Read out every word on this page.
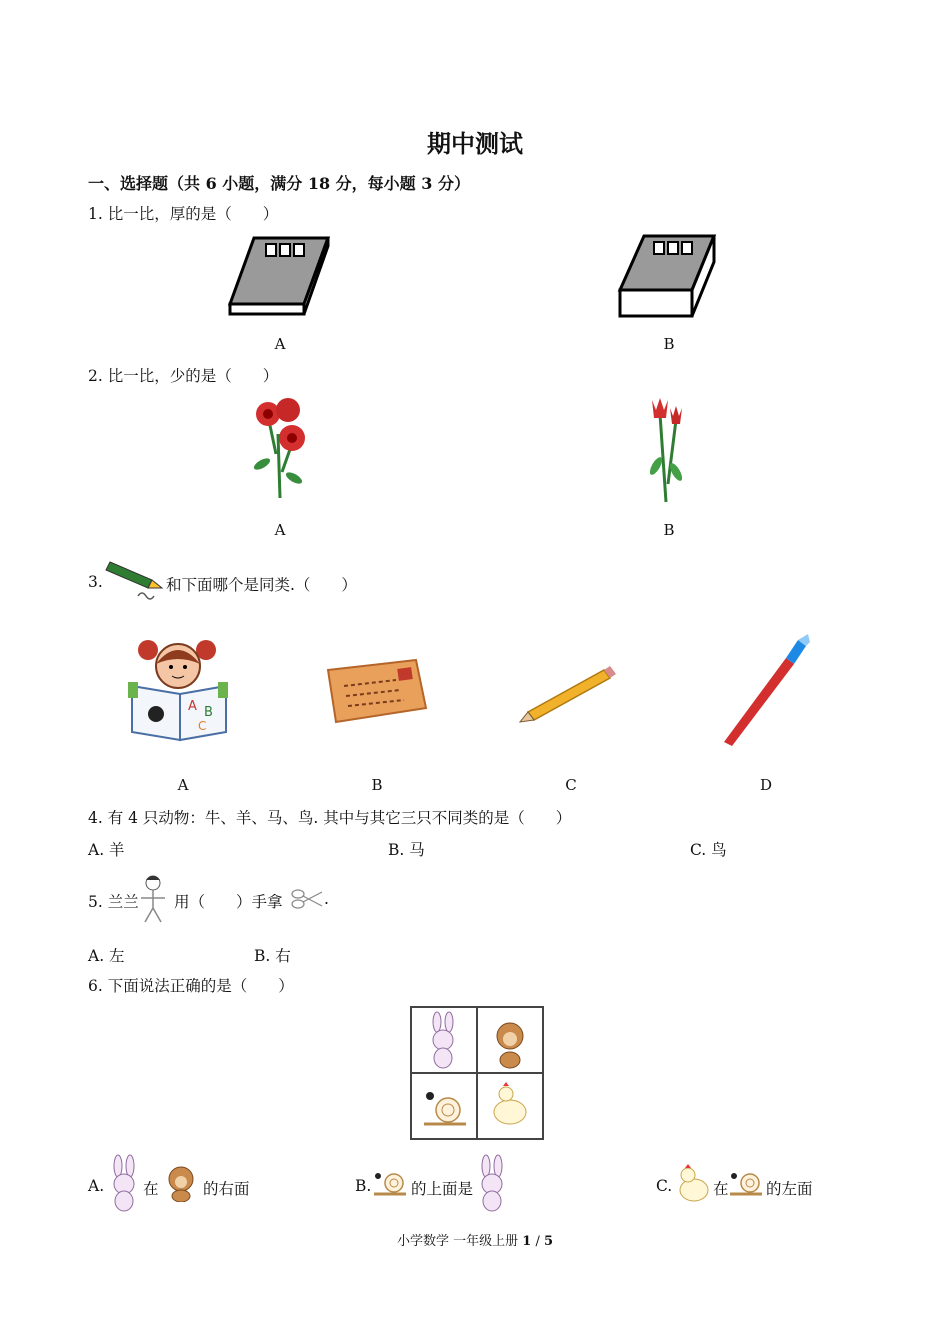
期中测试
一、选择题（共 6 小题，满分 18 分，每小题 3 分）
1. 比一比，厚的是（　　）
A	B
2. 比一比，少的是（　　）
A	B
3.	和下面哪个是同类.（　　）
A B
C
A	B	C	D
4. 有 4 只动物：牛、羊、马、鸟. 其中与其它三只不同类的是（　　）
A. 羊	B. 马	C. 鸟
5. 兰兰 用（　　）手拿	.
A. 左	B. 右
6. 下面说法正确的是（　　）
A.	在	的右面	B.	的上面是	C.	在 的左面
小学数学 一年级上册 1 / 5
